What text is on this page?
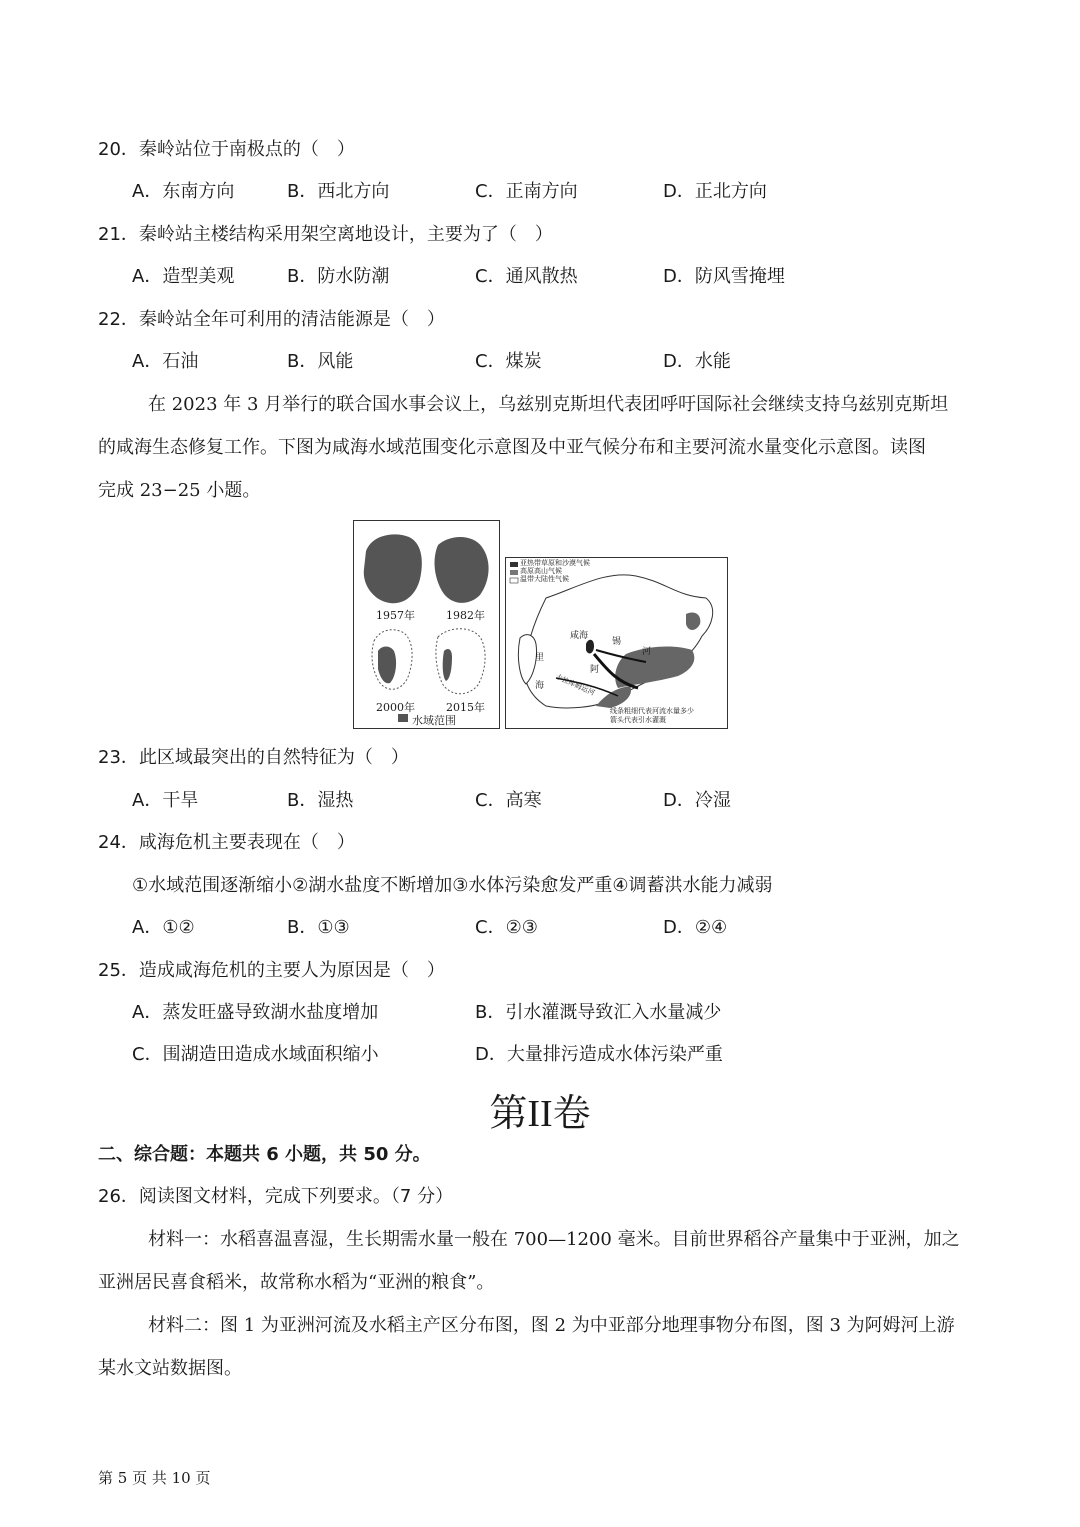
20．秦岭站位于南极点的（　）
A．东南方向	B．西北方向	C．正南方向	D．正北方向
21．秦岭站主楼结构采用架空离地设计，主要为了（　）
A．造型美观	B．防水防潮	C．通风散热	D．防风雪掩埋
22．秦岭站全年可利用的清洁能源是（　）
A．石油	B．风能	C．煤炭	D．水能
在 2023 年 3 月举行的联合国水事会议上，乌兹别克斯坦代表团呼吁国际社会继续支持乌兹别克斯坦
的咸海生态修复工作。下图为咸海水域范围变化示意图及中亚气候分布和主要河流水量变化示意图。读图
完成 23−25 小题。
1957年	1982年
2000年	2015年
水域范围
亚热带草原和沙漠气候
高原高山气候
温带大陆性气候
咸海
里
海
阿
锡
河
卡拉库姆运河
线条粗细代表河流水量多少
箭头代表引水灌溉
23．此区域最突出的自然特征为（　）
A．干旱	B．湿热	C．高寒	D．冷湿
24．咸海危机主要表现在（　）
①水域范围逐渐缩小②湖水盐度不断增加③水体污染愈发严重④调蓄洪水能力减弱
A．①②	B．①③	C．②③	D．②④
25．造成咸海危机的主要人为原因是（　）
A．蒸发旺盛导致湖水盐度增加	B．引水灌溉导致汇入水量减少
C．围湖造田造成水域面积缩小	D．大量排污造成水体污染严重
第II卷
二、综合题：本题共 6 小题，共 50 分。
26．阅读图文材料，完成下列要求。（7 分）
材料一：水稻喜温喜湿，生长期需水量一般在 700—1200 毫米。目前世界稻谷产量集中于亚洲，加之
亚洲居民喜食稻米，故常称水稻为“亚洲的粮食”。
材料二：图 1 为亚洲河流及水稻主产区分布图，图 2 为中亚部分地理事物分布图，图 3 为阿姆河上游
某水文站数据图。
第 5 页 共 10 页
